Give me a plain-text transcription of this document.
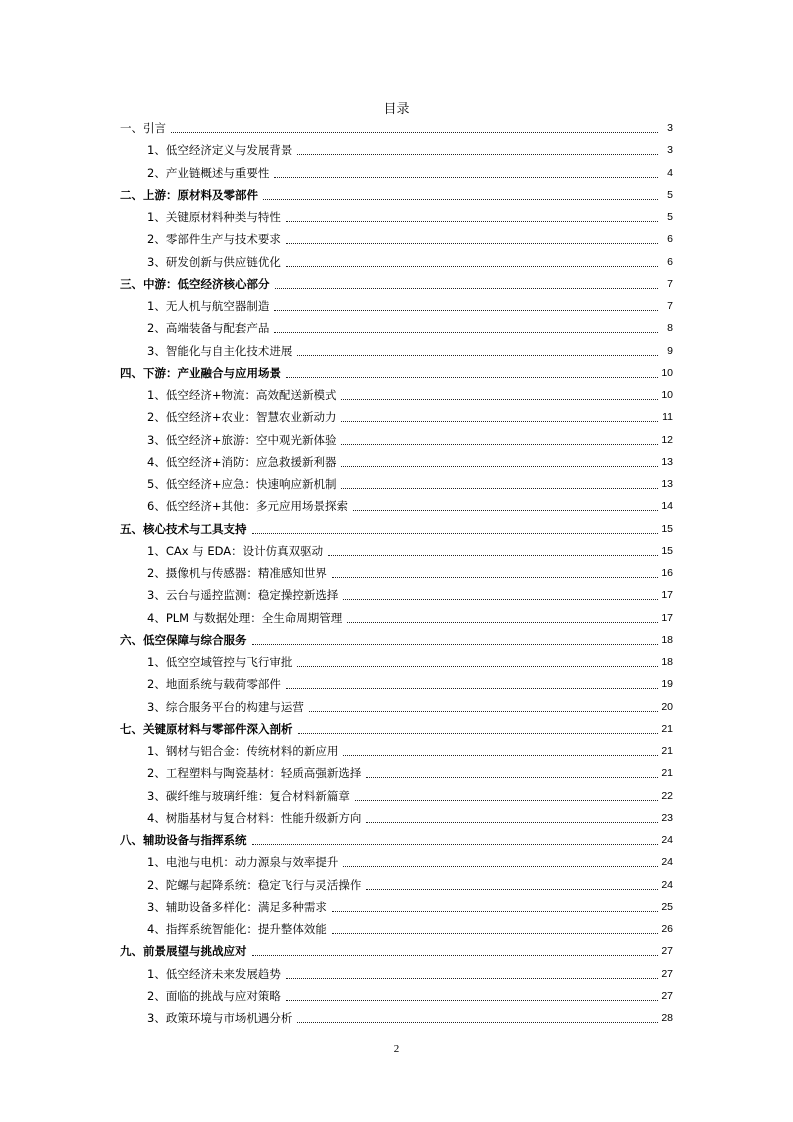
目录
一、引言	3
1、低空经济定义与发展背景	3
2、产业链概述与重要性	4
二、上游：原材料及零部件	5
1、关键原材料种类与特性	5
2、零部件生产与技术要求	6
3、研发创新与供应链优化	6
三、中游：低空经济核心部分	7
1、无人机与航空器制造	7
2、高端装备与配套产品	8
3、智能化与自主化技术进展	9
四、下游：产业融合与应用场景	10
1、低空经济+物流：高效配送新模式	10
2、低空经济+农业：智慧农业新动力	11
3、低空经济+旅游：空中观光新体验	12
4、低空经济+消防：应急救援新利器	13
5、低空经济+应急：快速响应新机制	13
6、低空经济+其他：多元应用场景探索	14
五、核心技术与工具支持	15
1、CAx 与 EDA：设计仿真双驱动	15
2、摄像机与传感器：精准感知世界	16
3、云台与遥控监测：稳定操控新选择	17
4、PLM 与数据处理：全生命周期管理	17
六、低空保障与综合服务	18
1、低空空域管控与飞行审批	18
2、地面系统与载荷零部件	19
3、综合服务平台的构建与运营	20
七、关键原材料与零部件深入剖析	21
1、钢材与铝合金：传统材料的新应用	21
2、工程塑料与陶瓷基材：轻质高强新选择	21
3、碳纤维与玻璃纤维：复合材料新篇章	22
4、树脂基材与复合材料：性能升级新方向	23
八、辅助设备与指挥系统	24
1、电池与电机：动力源泉与效率提升	24
2、陀螺与起降系统：稳定飞行与灵活操作	24
3、辅助设备多样化：满足多种需求	25
4、指挥系统智能化：提升整体效能	26
九、前景展望与挑战应对	27
1、低空经济未来发展趋势	27
2、面临的挑战与应对策略	27
3、政策环境与市场机遇分析	28
2
